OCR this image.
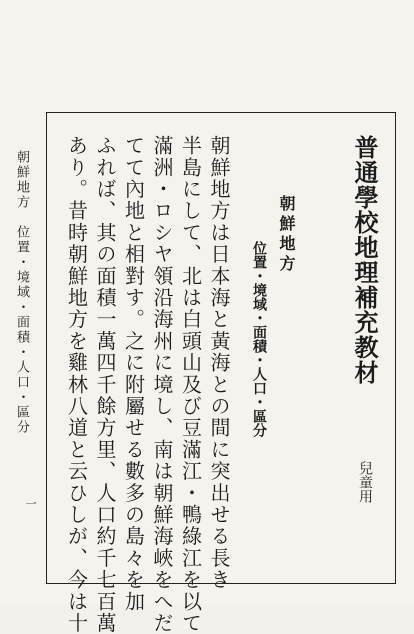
朝鮮地方　位置・境域・面積・人口・區分
一
普通學校地理補充教材
兒童用
朝鮮地方
位置・境域・面積・人口・區分
朝鮮地方は日本海と黃海との間に突出せる長き
半島にして、北は白頭山及び豆滿江・鴨綠江を以て
滿洲・ロシヤ領沿海州に境し、南は朝鮮海峽をへだ
てて內地と相對す。之に附屬せる數多の島々を加
ふれば、其の面積一萬四千餘方里、人口約千七百萬
あり。昔時朝鮮地方を雞林八道と云ひしが、今は十
